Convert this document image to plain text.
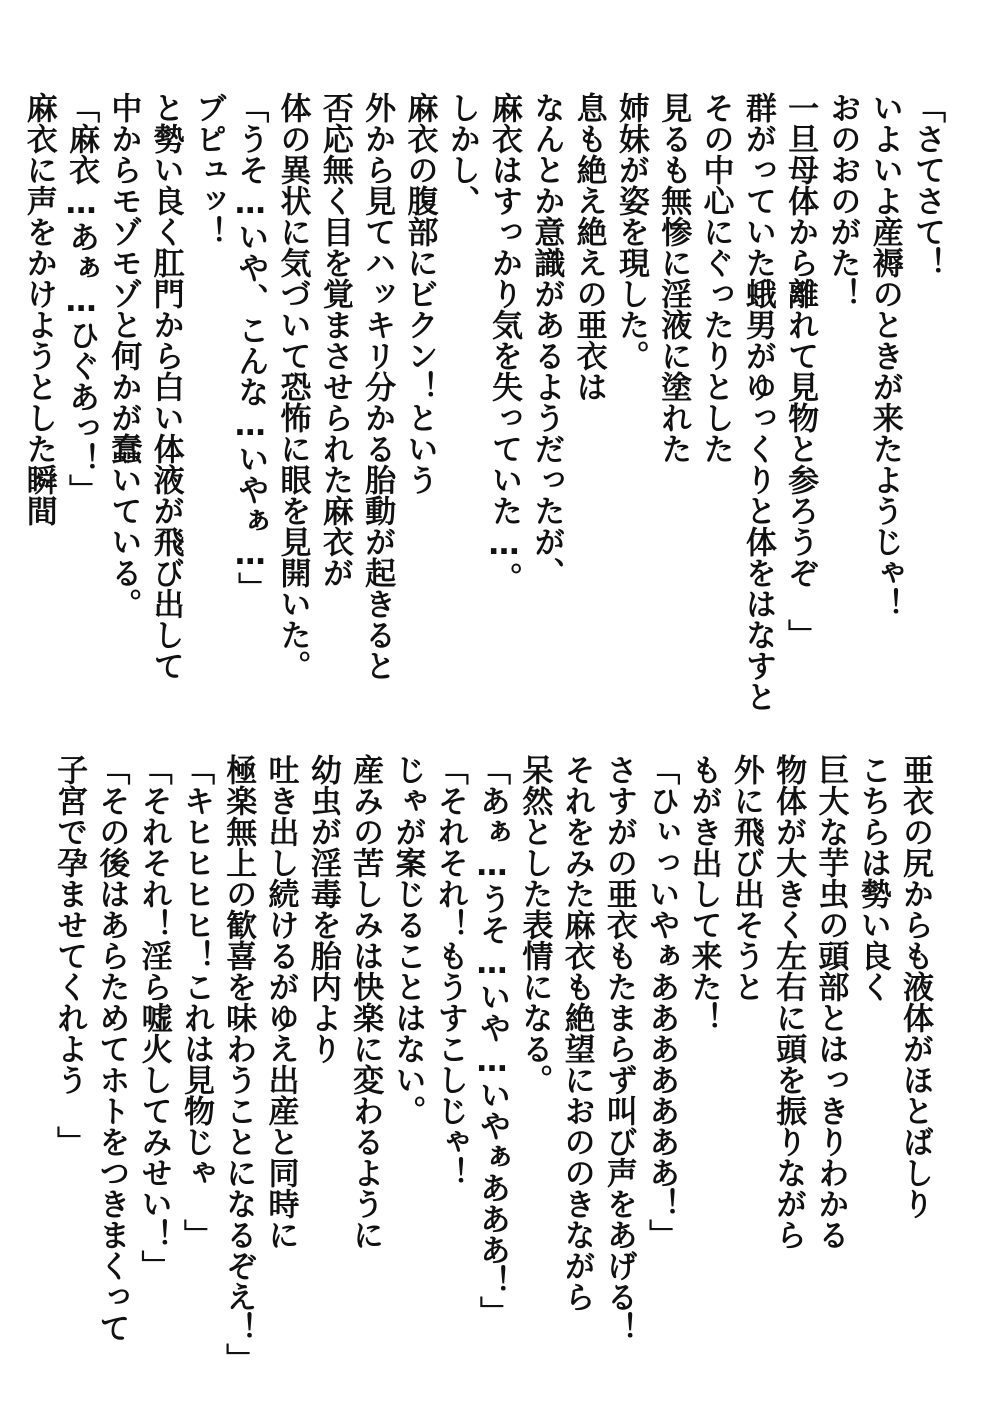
「さてさて！

いよいよ産褥のときが来たようじゃ！

おのおのがた！

一旦母体から離れて見物と参ろうぞ　」

群がっていた蛾男がゆっくりと体をはなすと

その中心にぐったりとした

見るも無惨に淫液に塗れた

姉妹が姿を現した。

息も絶え絶えの亜衣は

なんとか意識があるようだったが、

麻衣はすっかり気を失っていた…。

しかし、

麻衣の腹部にビクン！という

外から見てハッキリ分かる胎動が起きると

否応無く目を覚まさせられた麻衣が

体の異状に気づいて恐怖に眼を見開いた。

「うそ…いや、こんな…いやぁ…」

ブピュッ！

と勢い良く肛門から白い体液が飛び出して

中からモゾモゾと何かが蠢いている。

「麻衣…あぁ…ひぐあっ！」

麻衣に声をかけようとした瞬間

亜衣の尻からも液体がほとばしり

こちらは勢い良く

巨大な芋虫の頭部とはっきりわかる

物体が大きく左右に頭を振りながら

外に飛び出そうと

もがき出して来た！

「ひぃっいやぁあああああああ！」

さすがの亜衣もたまらず叫び声をあげる！

それをみた麻衣も絶望におののきながら

呆然とした表情になる。

「あぁ…うそ…いや…いやぁあああ！」

「それそれ！もうすこしじゃ！

じゃが案じることはない。

産みの苦しみは快楽に変わるように

幼虫が淫毒を胎内より

吐き出し続けるがゆえ出産と同時に

極楽無上の歓喜を味わうことになるぞえ！」

「キヒヒヒヒ！これは見物じゃ　」

「それそれ！淫ら嘘火してみせい！」

「その後はあらためてホトをつきまくって

子宮で孕ませてくれよう　」
